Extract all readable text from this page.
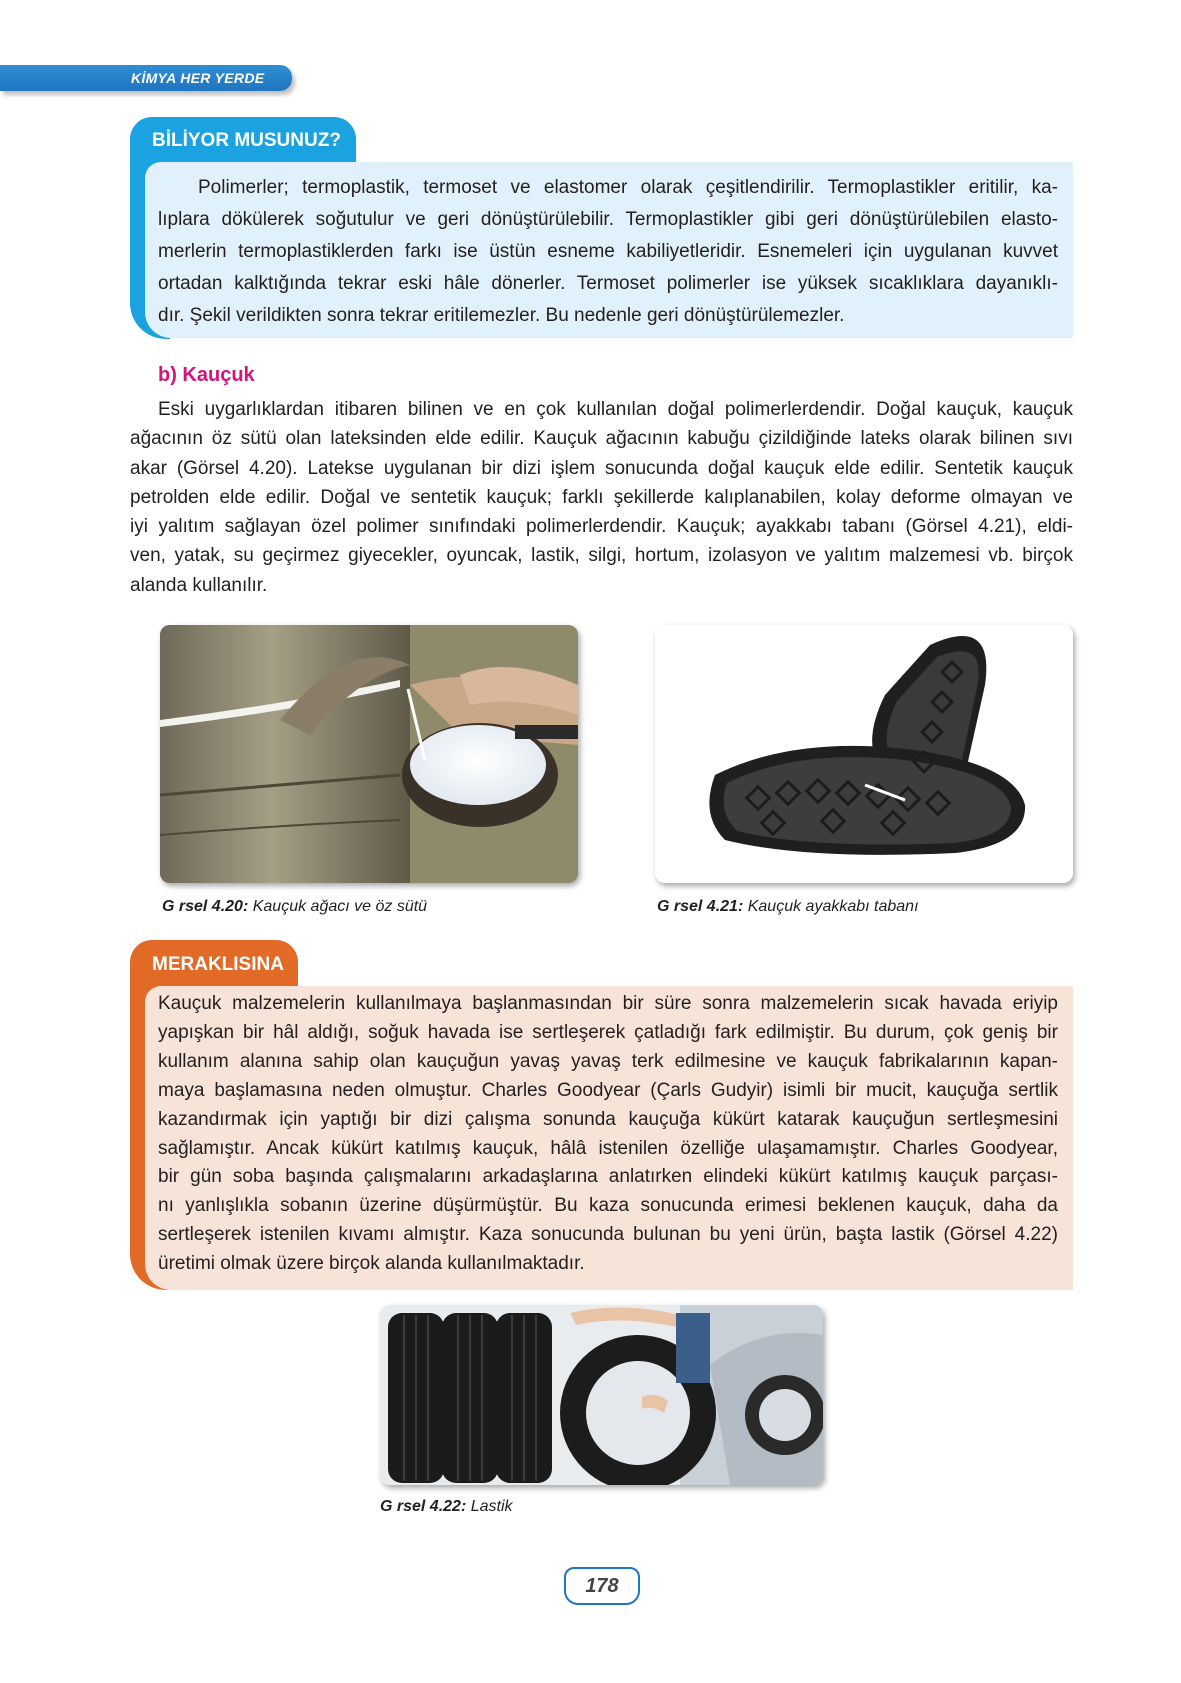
KİMYA HER YERDE
BİLİYOR MUSUNUZ?
Polimerler; termoplastik, termoset ve elastomer olarak çeşitlendirilir. Termoplastikler eritilir, ka-
lıplara dökülerek soğutulur ve geri dönüştürülebilir. Termoplastikler gibi geri dönüştürülebilen elasto-
merlerin termoplastiklerden farkı ise üstün esneme kabiliyetleridir. Esnemeleri için uygulanan kuvvet
ortadan kalktığında tekrar eski hâle dönerler. Termoset polimerler ise yüksek sıcaklıklara dayanıklı-
dır. Şekil verildikten sonra tekrar eritilemezler. Bu nedenle geri dönüştürülemezler.
b) Kauçuk
Eski uygarlıklardan itibaren bilinen ve en çok kullanılan doğal polimerlerdendir. Doğal kauçuk, kauçuk
ağacının öz sütü olan lateksinden elde edilir. Kauçuk ağacının kabuğu çizildiğinde lateks olarak bilinen sıvı
akar (Görsel 4.20). Latekse uygulanan bir dizi işlem sonucunda doğal kauçuk elde edilir. Sentetik kauçuk
petrolden elde edilir. Doğal ve sentetik kauçuk; farklı şekillerde kalıplanabilen, kolay deforme olmayan ve
iyi yalıtım sağlayan özel polimer sınıfındaki polimerlerdendir. Kauçuk; ayakkabı tabanı (Görsel 4.21), eldi-
ven, yatak, su geçirmez giyecekler, oyuncak, lastik, silgi, hortum, izolasyon ve yalıtım malzemesi vb. birçok
alanda kullanılır.
G rsel 4.20: Kauçuk ağacı ve öz sütü	G rsel 4.21: Kauçuk ayakkabı tabanı
MERAKLISINA
Kauçuk malzemelerin kullanılmaya başlanmasından bir süre sonra malzemelerin sıcak havada eriyip
yapışkan bir hâl aldığı, soğuk havada ise sertleşerek çatladığı fark edilmiştir. Bu durum, çok geniş bir
kullanım alanına sahip olan kauçuğun yavaş yavaş terk edilmesine ve kauçuk fabrikalarının kapan-
maya başlamasına neden olmuştur. Charles Goodyear (Çarls Gudyir) isimli bir mucit, kauçuğa sertlik
kazandırmak için yaptığı bir dizi çalışma sonunda kauçuğa kükürt katarak kauçuğun sertleşmesini
sağlamıştır. Ancak kükürt katılmış kauçuk, hâlâ istenilen özelliğe ulaşamamıştır. Charles Goodyear,
bir gün soba başında çalışmalarını arkadaşlarına anlatırken elindeki kükürt katılmış kauçuk parçası-
nı yanlışlıkla sobanın üzerine düşürmüştür. Bu kaza sonucunda erimesi beklenen kauçuk, daha da
sertleşerek istenilen kıvamı almıştır. Kaza sonucunda bulunan bu yeni ürün, başta lastik (Görsel 4.22)
üretimi olmak üzere birçok alanda kullanılmaktadır.
G rsel 4.22: Lastik
178
